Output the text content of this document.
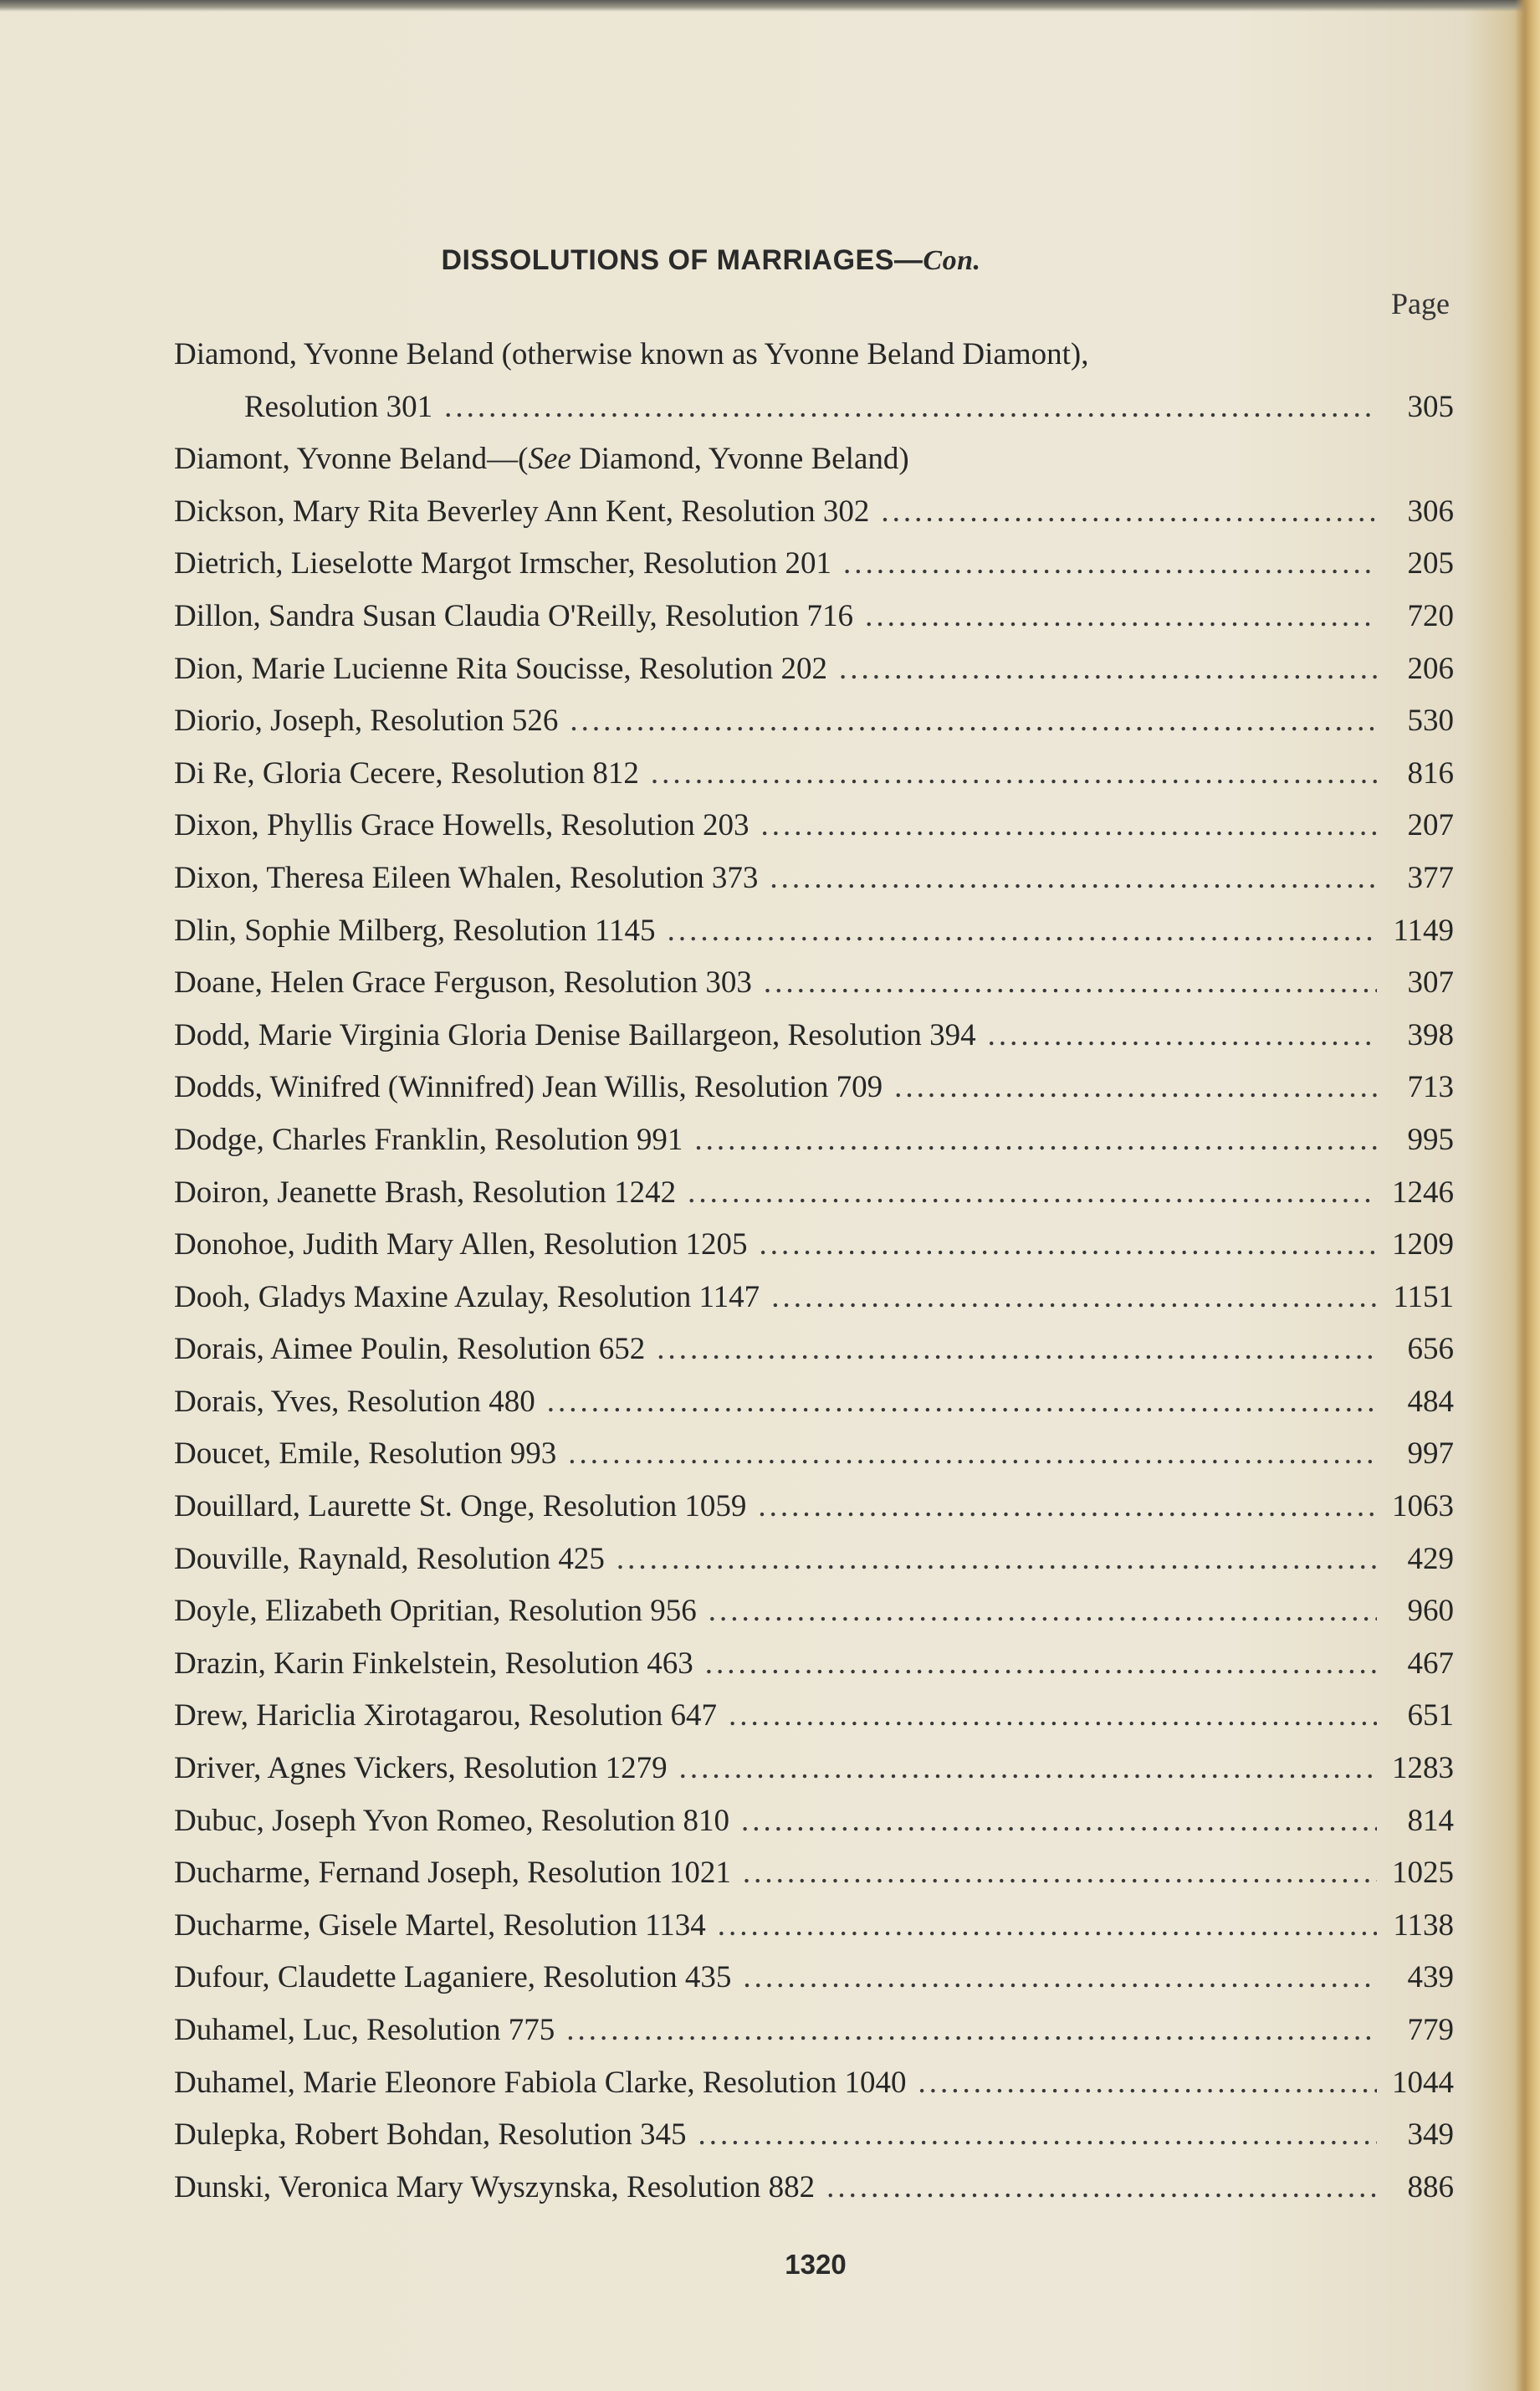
DISSOLUTIONS OF MARRIAGES—Con.
Page
Diamond, Yvonne Beland (otherwise known as Yvonne Beland Diamont),
Resolution 301 .....	305
Diamont, Yvonne Beland—(See Diamond, Yvonne Beland)
Dickson, Mary Rita Beverley Ann Kent, Resolution 302 .....	306
Dietrich, Lieselotte Margot Irmscher, Resolution 201 .....	205
Dillon, Sandra Susan Claudia O'Reilly, Resolution 716 .....	720
Dion, Marie Lucienne Rita Soucisse, Resolution 202 .....	206
Diorio, Joseph, Resolution 526 .....	530
Di Re, Gloria Cecere, Resolution 812 .....	816
Dixon, Phyllis Grace Howells, Resolution 203 .....	207
Dixon, Theresa Eileen Whalen, Resolution 373 .....	377
Dlin, Sophie Milberg, Resolution 1145 .....	1149
Doane, Helen Grace Ferguson, Resolution 303 .....	307
Dodd, Marie Virginia Gloria Denise Baillargeon, Resolution 394 .....	398
Dodds, Winifred (Winnifred) Jean Willis, Resolution 709 .....	713
Dodge, Charles Franklin, Resolution 991 .....	995
Doiron, Jeanette Brash, Resolution 1242 .....	1246
Donohoe, Judith Mary Allen, Resolution 1205 .....	1209
Dooh, Gladys Maxine Azulay, Resolution 1147 .....	1151
Dorais, Aimee Poulin, Resolution 652 .....	656
Dorais, Yves, Resolution 480 .....	484
Doucet, Emile, Resolution 993 .....	997
Douillard, Laurette St. Onge, Resolution 1059 .....	1063
Douville, Raynald, Resolution 425 .....	429
Doyle, Elizabeth Opritian, Resolution 956 .....	960
Drazin, Karin Finkelstein, Resolution 463 .....	467
Drew, Hariclia Xirotagarou, Resolution 647 .....	651
Driver, Agnes Vickers, Resolution 1279 .....	1283
Dubuc, Joseph Yvon Romeo, Resolution 810 .....	814
Ducharme, Fernand Joseph, Resolution 1021 .....	1025
Ducharme, Gisele Martel, Resolution 1134 .....	1138
Dufour, Claudette Laganiere, Resolution 435 .....	439
Duhamel, Luc, Resolution 775 .....	779
Duhamel, Marie Eleonore Fabiola Clarke, Resolution 1040 .....	1044
Dulepka, Robert Bohdan, Resolution 345 .....	349
Dunski, Veronica Mary Wyszynska, Resolution 882 .....	886
1320
